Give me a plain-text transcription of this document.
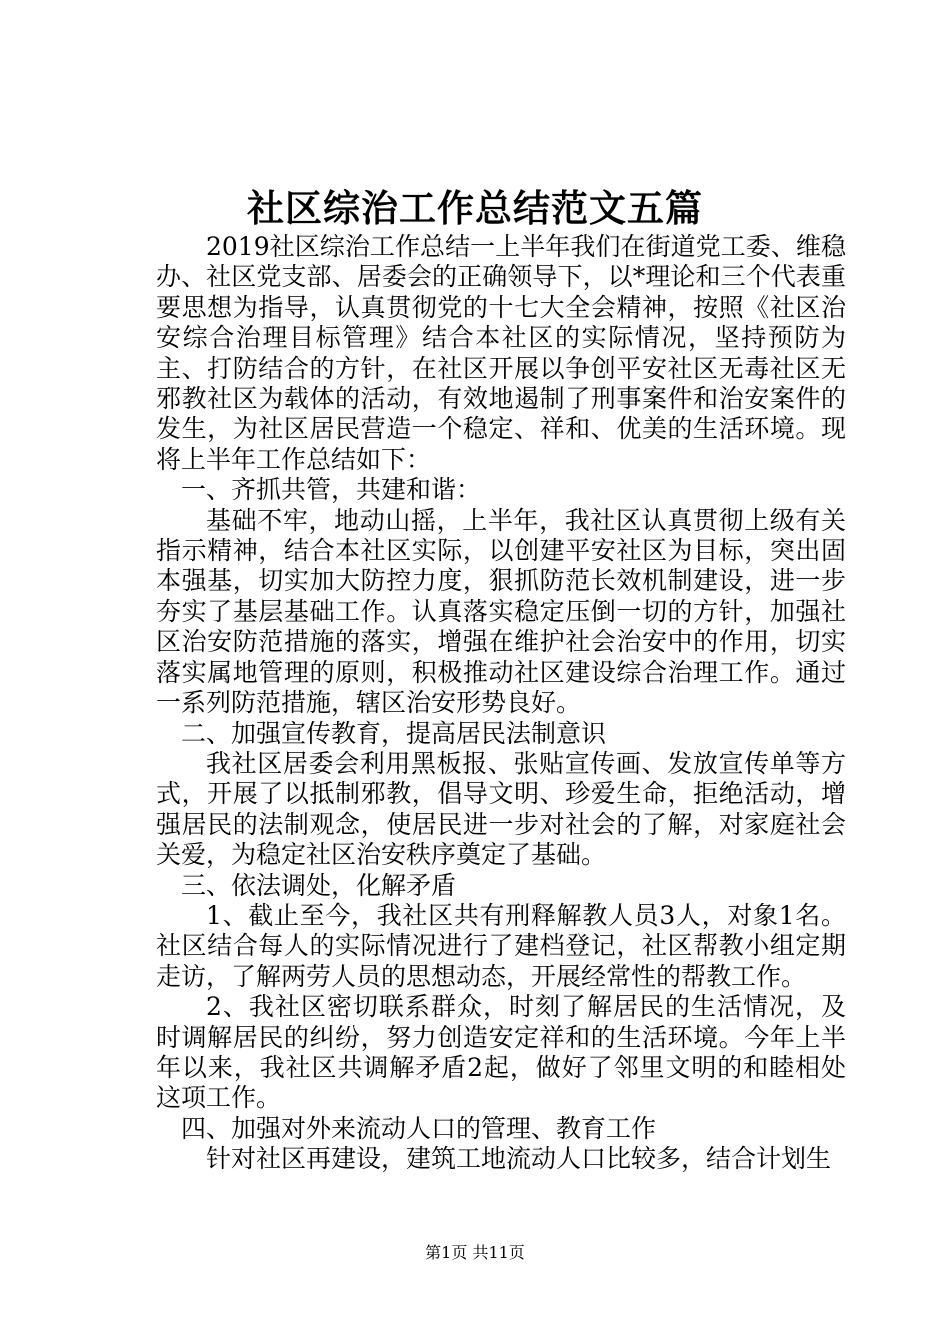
社区综治工作总结范文五篇

2019社区综治工作总结一上半年我们在街道党工委、维稳办、社区党支部、居委会的正确领导下，以*理论和三个代表重要思想为指导，认真贯彻党的十七大全会精神，按照《社区治安综合治理目标管理》结合本社区的实际情况，坚持预防为主、打防结合的方针，在社区开展以争创平安社区无毒社区无邪教社区为载体的活动，有效地遏制了刑事案件和治安案件的发生，为社区居民营造一个稳定、祥和、优美的生活环境。现将上半年工作总结如下：

一、齐抓共管，共建和谐：

基础不牢，地动山摇，上半年，我社区认真贯彻上级有关指示精神，结合本社区实际，以创建平安社区为目标，突出固本强基，切实加大防控力度，狠抓防范长效机制建设，进一步夯实了基层基础工作。认真落实稳定压倒一切的方针，加强社区治安防范措施的落实，增强在维护社会治安中的作用，切实落实属地管理的原则，积极推动社区建设综合治理工作。通过一系列防范措施，辖区治安形势良好。

二、加强宣传教育，提高居民法制意识

我社区居委会利用黑板报、张贴宣传画、发放宣传单等方式，开展了以抵制邪教，倡导文明、珍爱生命，拒绝活动，增强居民的法制观念，使居民进一步对社会的了解，对家庭社会关爱，为稳定社区治安秩序奠定了基础。

三、依法调处，化解矛盾

1、截止至今，我社区共有刑释解教人员3人，对象1名。社区结合每人的实际情况进行了建档登记，社区帮教小组定期走访，了解两劳人员的思想动态，开展经常性的帮教工作。

2、我社区密切联系群众，时刻了解居民的生活情况，及时调解居民的纠纷，努力创造安定祥和的生活环境。今年上半年以来，我社区共调解矛盾2起，做好了邻里文明的和睦相处这项工作。

四、加强对外来流动人口的管理、教育工作

针对社区再建设，建筑工地流动人口比较多，结合计划生

第1页 共11页
